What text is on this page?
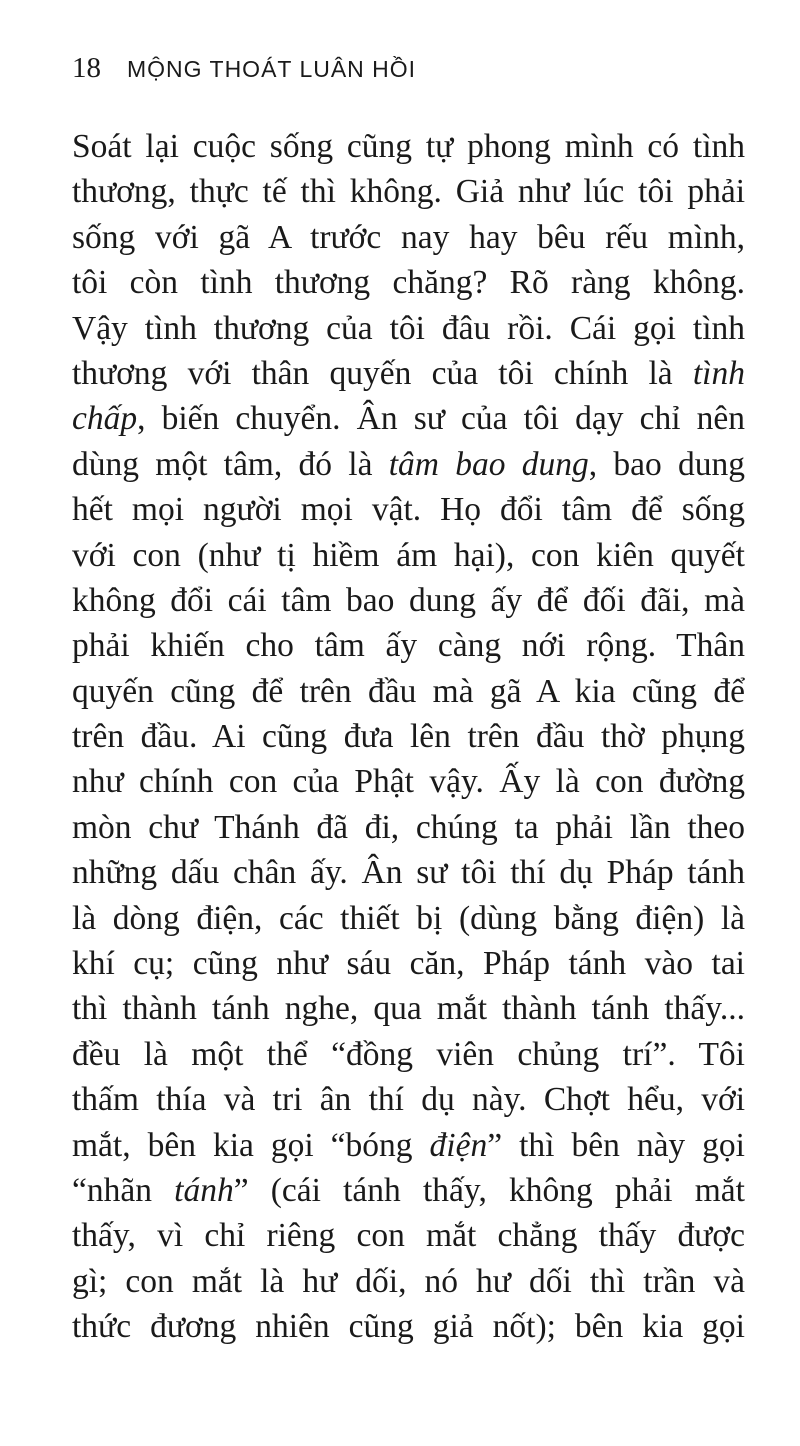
18 MỘNG THOÁT LUÂN HỒI
Soát lại cuộc sống cũng tự phong mình có tình
thương, thực tế thì không. Giả như lúc tôi phải
sống với gã A trước nay hay bêu rếu mình,
tôi còn tình thương chăng? Rõ ràng không.
Vậy tình thương của tôi đâu rồi. Cái gọi tình
thương với thân quyến của tôi chính là tình
chấp, biến chuyển. Ân sư của tôi dạy chỉ nên
dùng một tâm, đó là tâm bao dung, bao dung
hết mọi người mọi vật. Họ đổi tâm để sống
với con (như tị hiềm ám hại), con kiên quyết
không đổi cái tâm bao dung ấy để đối đãi, mà
phải khiến cho tâm ấy càng nới rộng. Thân
quyến cũng để trên đầu mà gã A kia cũng để
trên đầu. Ai cũng đưa lên trên đầu thờ phụng
như chính con của Phật vậy. Ấy là con đường
mòn chư Thánh đã đi, chúng ta phải lần theo
những dấu chân ấy. Ân sư tôi thí dụ Pháp tánh
là dòng điện, các thiết bị (dùng bằng điện) là
khí cụ; cũng như sáu căn, Pháp tánh vào tai
thì thành tánh nghe, qua mắt thành tánh thấy...
đều là một thể “đồng viên chủng trí”. Tôi
thấm thía và tri ân thí dụ này. Chợt hểu, với
mắt, bên kia gọi “bóng điện” thì bên này gọi
“nhãn tánh” (cái tánh thấy, không phải mắt
thấy, vì chỉ riêng con mắt chẳng thấy được
gì; con mắt là hư dối, nó hư dối thì trần và
thức đương nhiên cũng giả nốt); bên kia gọi
